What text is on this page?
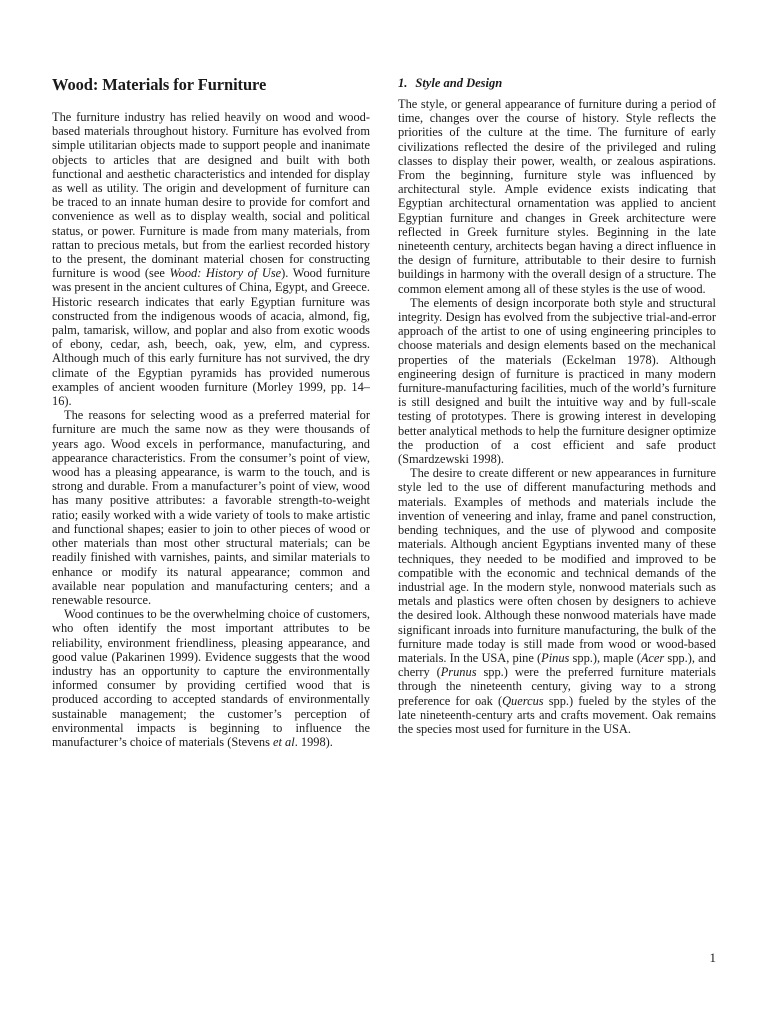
Wood: Materials for Furniture

The furniture industry has relied heavily on wood and wood-based materials throughout history. Furniture has evolved from simple utilitarian objects made to support people and inanimate objects to articles that are designed and built with both functional and aesthetic characteristics and intended for display as well as utility. The origin and development of furniture can be traced to an innate human desire to provide for comfort and convenience as well as to display wealth, social and political status, or power. Furniture is made from many materials, from rattan to precious metals, but from the earliest recorded history to the present, the dominant material chosen for constructing furniture is wood (see Wood: History of Use). Wood furniture was present in the ancient cultures of China, Egypt, and Greece. Historic research indicates that early Egyptian furniture was constructed from the indigenous woods of acacia, almond, fig, palm, tamarisk, willow, and poplar and also from exotic woods of ebony, cedar, ash, beech, oak, yew, elm, and cypress. Although much of this early furniture has not survived, the dry climate of the Egyptian pyramids has provided numerous examples of ancient wooden furniture (Morley 1999, pp. 14–16).

The reasons for selecting wood as a preferred material for furniture are much the same now as they were thousands of years ago. Wood excels in performance, manufacturing, and appearance characteristics. From the consumer’s point of view, wood has a pleasing appearance, is warm to the touch, and is strong and durable. From a manufacturer’s point of view, wood has many positive attributes: a favorable strength-to-weight ratio; easily worked with a wide variety of tools to make artistic and functional shapes; easier to join to other pieces of wood or other materials than most other structural materials; can be readily finished with varnishes, paints, and similar materials to enhance or modify its natural appearance; common and available near population and manufacturing centers; and a renewable resource.

Wood continues to be the overwhelming choice of customers, who often identify the most important attributes to be reliability, environment friendliness, pleasing appearance, and good value (Pakarinen 1999). Evidence suggests that the wood industry has an opportunity to capture the environmentally informed consumer by providing certified wood that is produced according to accepted standards of environmentally sustainable management; the customer’s perception of environmental impacts is beginning to influence the manufacturer’s choice of materials (Stevens et al. 1998).

1. Style and Design

The style, or general appearance of furniture during a period of time, changes over the course of history. Style reflects the priorities of the culture at the time. The furniture of early civilizations reflected the desire of the privileged and ruling classes to display their power, wealth, or zealous aspirations. From the beginning, furniture style was influenced by architectural style. Ample evidence exists indicating that Egyptian architectural ornamentation was applied to ancient Egyptian furniture and changes in Greek architecture were reflected in Greek furniture styles. Beginning in the late nineteenth century, architects began having a direct influence in the design of furniture, attributable to their desire to furnish buildings in harmony with the overall design of a structure. The common element among all of these styles is the use of wood.

The elements of design incorporate both style and structural integrity. Design has evolved from the subjective trial-and-error approach of the artist to one of using engineering principles to choose materials and design elements based on the mechanical properties of the materials (Eckelman 1978). Although engineering design of furniture is practiced in many modern furniture-manufacturing facilities, much of the world’s furniture is still designed and built the intuitive way and by full-scale testing of prototypes. There is growing interest in developing better analytical methods to help the furniture designer optimize the production of a cost efficient and safe product (Smardzewski 1998).

The desire to create different or new appearances in furniture style led to the use of different manufacturing methods and materials. Examples of methods and materials include the invention of veneering and inlay, frame and panel construction, bending techniques, and the use of plywood and composite materials. Although ancient Egyptians invented many of these techniques, they needed to be modified and improved to be compatible with the economic and technical demands of the industrial age. In the modern style, nonwood materials such as metals and plastics were often chosen by designers to achieve the desired look. Although these nonwood materials have made significant inroads into furniture manufacturing, the bulk of the furniture made today is still made from wood or wood-based materials. In the USA, pine (Pinus spp.), maple (Acer spp.), and cherry (Prunus spp.) were the preferred furniture materials through the nineteenth century, giving way to a strong preference for oak (Quercus spp.) fueled by the styles of the late nineteenth-century arts and crafts movement. Oak remains the species most used for furniture in the USA.

1
